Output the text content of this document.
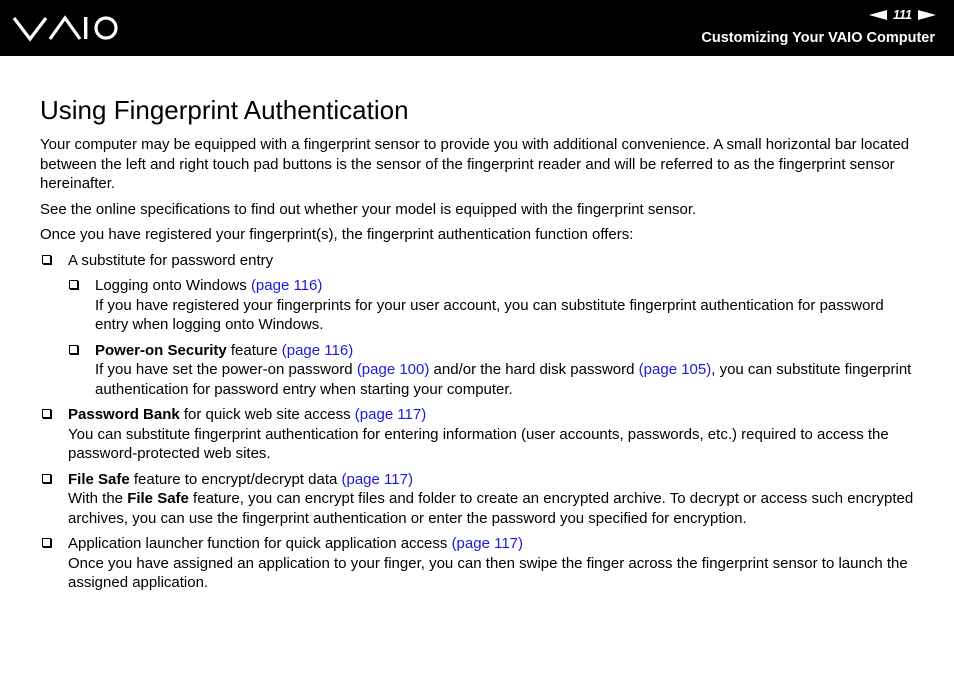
111
Customizing Your VAIO Computer
Using Fingerprint Authentication

Your computer may be equipped with a fingerprint sensor to provide you with additional convenience. A small horizontal bar located between the left and right touch pad buttons is the sensor of the fingerprint reader and will be referred to as the fingerprint sensor hereinafter.

See the online specifications to find out whether your model is equipped with the fingerprint sensor.

Once you have registered your fingerprint(s), the fingerprint authentication function offers:

A substitute for password entry
Logging onto Windows (page 116)
If you have registered your fingerprints for your user account, you can substitute fingerprint authentication for password entry when logging onto Windows.
Power-on Security feature (page 116)
If you have set the power-on password (page 100) and/or the hard disk password (page 105), you can substitute fingerprint authentication for password entry when starting your computer.
Password Bank for quick web site access (page 117)
You can substitute fingerprint authentication for entering information (user accounts, passwords, etc.) required to access the password-protected web sites.
File Safe feature to encrypt/decrypt data (page 117)
With the File Safe feature, you can encrypt files and folder to create an encrypted archive. To decrypt or access such encrypted archives, you can use the fingerprint authentication or enter the password you specified for encryption.
Application launcher function for quick application access (page 117)
Once you have assigned an application to your finger, you can then swipe the finger across the fingerprint sensor to launch the assigned application.
